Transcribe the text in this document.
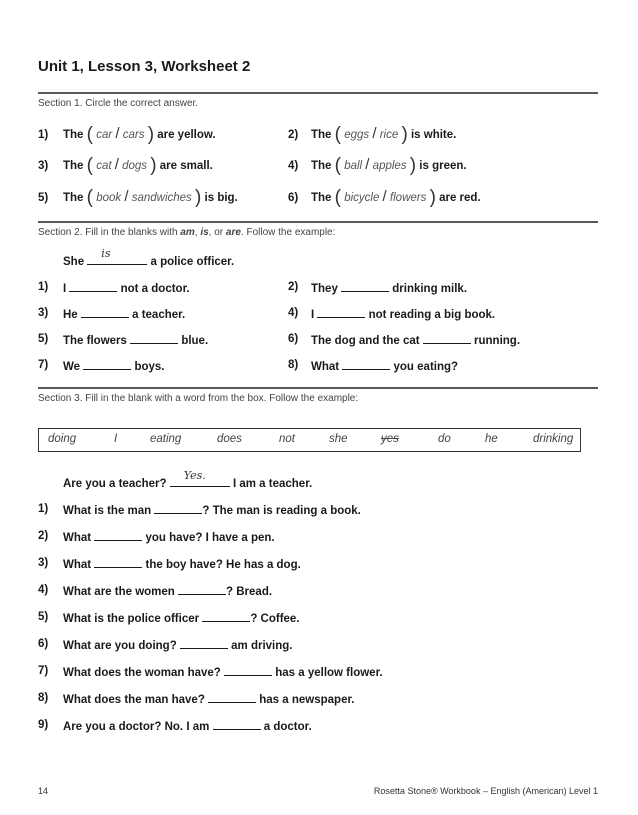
Unit 1, Lesson 3, Worksheet 2
Section 1. Circle the correct answer.
1) The ( car / cars ) are yellow.	2) The ( eggs / rice ) is white.
3) The ( cat / dogs ) are small.	4) The ( ball / apples ) is green.
5) The ( book / sandwiches ) is big.	6) The ( bicycle / flowers ) are red.
Section 2. Fill in the blanks with am, is, or are. Follow the example:
She
is
a police officer.
1) I	not a doctor.	2) They	drinking milk.
3) He	a teacher.	4) I	not reading a big book.
5) The flowers	blue.	6) The dog and the cat	running.
7) We	boys.	8) What	you eating?
Section 3. Fill in the blank with a word from the box. Follow the example:
doing	I	eating	does	not	she	yes	do	he	drinking
Are you a teacher?
Yes.
I am a teacher.
1) What is the man	? The man is reading a book.
2) What	you have? I have a pen.
3) What	the boy have? He has a dog.
4) What are the women	? Bread.
5) What is the police officer	? Coffee.
6) What are you doing?	am driving.
7) What does the woman have?	has a yellow flower.
8) What does the man have?	has a newspaper.
9) Are you a doctor? No. I am	a doctor.
14	Rosetta Stone® Workbook – English (American) Level 1
